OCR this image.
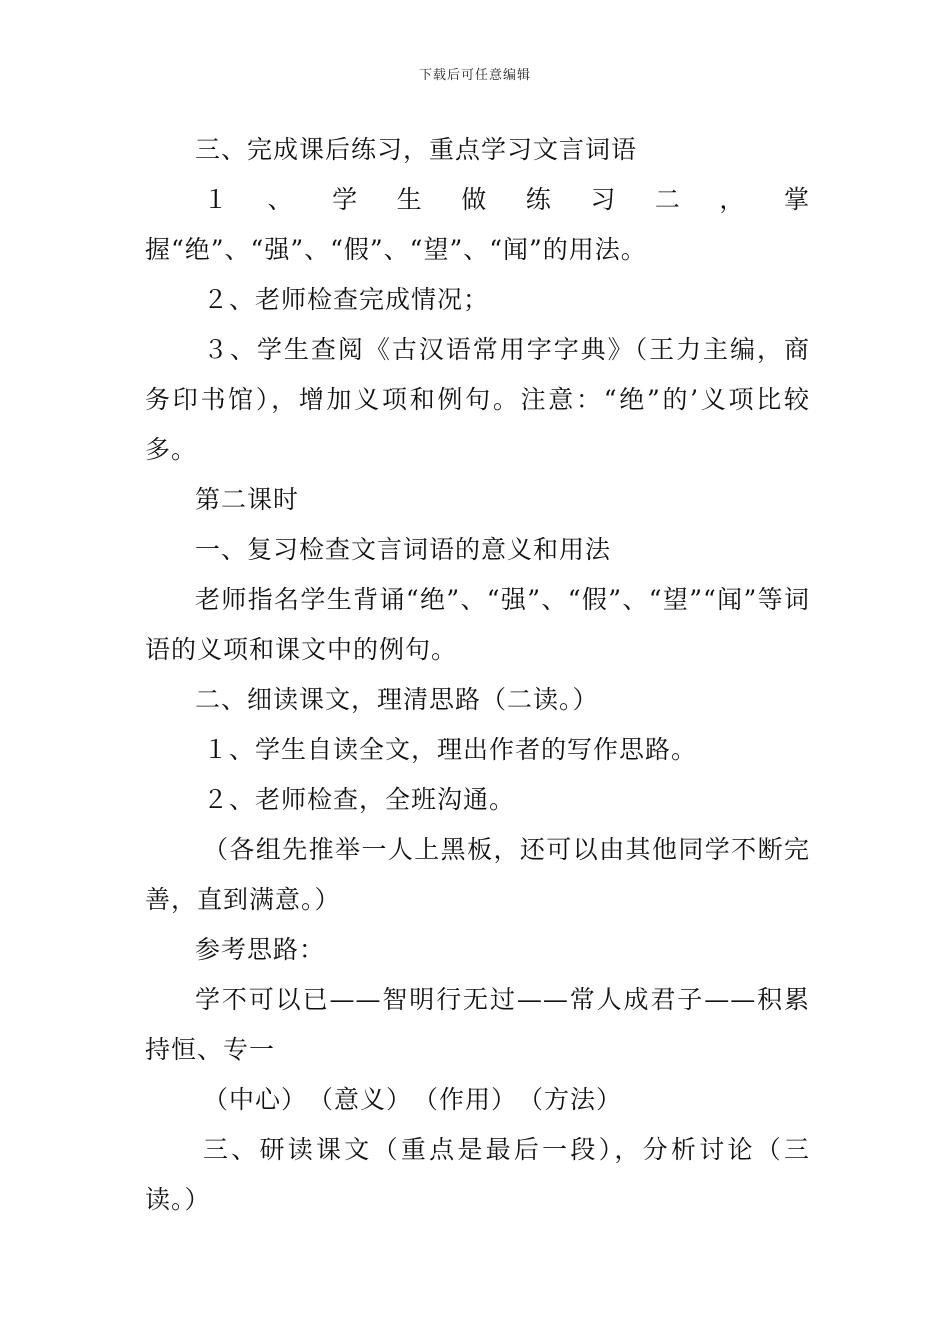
下载后可任意编辑

三、完成课后练习，重点学习文言词语

１、学生做练习二，掌握“绝”、“强”、“假”、“望”、“闻”的用法。

２、老师检查完成情况；

３、学生查阅《古汉语常用字字典》（王力主编，商务印书馆），增加义项和例句。注意：“绝”的’义项比较多。

第二课时

一、复习检查文言词语的意义和用法

老师指名学生背诵“绝”、“强”、“假”、“望”“闻”等词语的义项和课文中的例句。

二、细读课文，理清思路（二读。）

１、学生自读全文，理出作者的写作思路。

２、老师检查，全班沟通。

（各组先推举一人上黑板，还可以由其他同学不断完善，直到满意。）

参考思路：

学不可以已——智明行无过——常人成君子——积累持恒、专一

（中心）　（意义）　（作用）　（方法）

三、研读课文（重点是最后一段），分析讨论（三读。）
